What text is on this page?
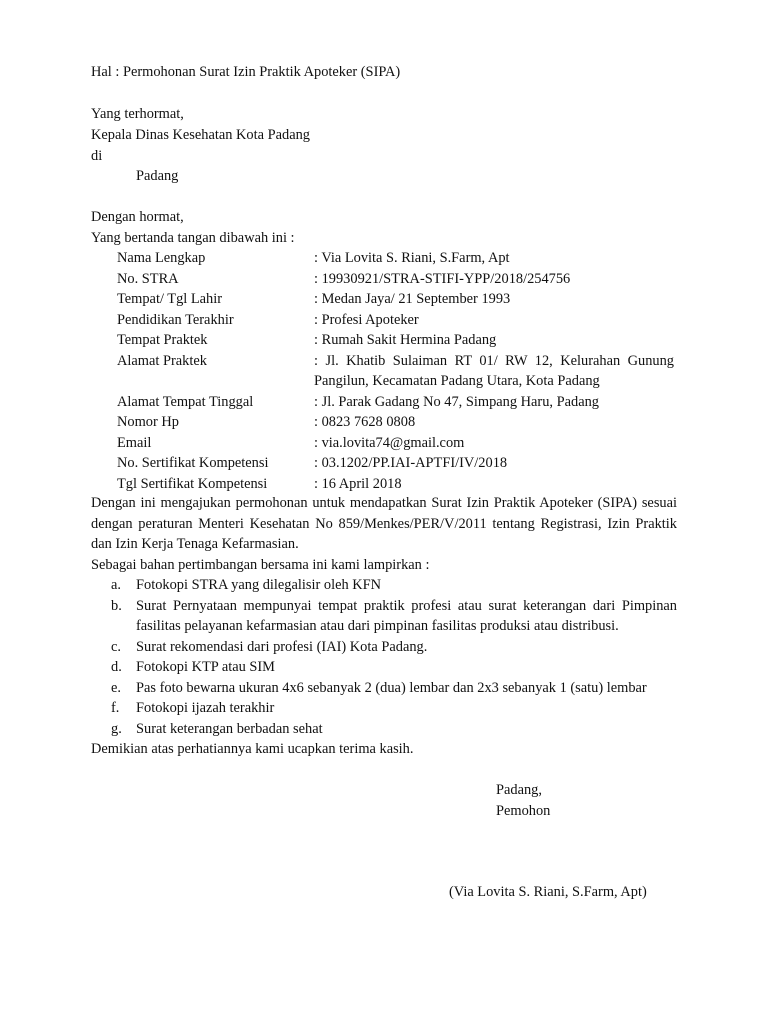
Hal : Permohonan Surat Izin Praktik Apoteker (SIPA)
Yang terhormat,
Kepala Dinas Kesehatan Kota Padang
di
Padang
Dengan hormat,
Yang bertanda tangan dibawah ini :
Nama Lengkap	: Via Lovita S. Riani, S.Farm, Apt
No. STRA	: 19930921/STRA-STIFI-YPP/2018/254756
Tempat/ Tgl Lahir	: Medan Jaya/ 21 September 1993
Pendidikan Terakhir	: Profesi Apoteker
Tempat Praktek	: Rumah Sakit Hermina Padang
Alamat Praktek	: Jl. Khatib Sulaiman RT 01/ RW 12, Kelurahan Gunung Pangilun, Kecamatan Padang Utara, Kota Padang
Alamat Tempat Tinggal	: Jl. Parak Gadang No 47, Simpang Haru, Padang
Nomor Hp	: 0823 7628 0808
Email	: via.lovita74@gmail.com
No. Sertifikat Kompetensi	: 03.1202/PP.IAI-APTFI/IV/2018
Tgl Sertifikat Kompetensi	: 16 April 2018
Dengan ini mengajukan permohonan untuk mendapatkan Surat Izin Praktik Apoteker (SIPA) sesuai dengan peraturan Menteri Kesehatan No 859/Menkes/PER/V/2011 tentang Registrasi, Izin Praktik dan Izin Kerja Tenaga Kefarmasian.
Sebagai bahan pertimbangan bersama ini kami lampirkan :
a.	Fotokopi STRA yang dilegalisir oleh KFN
b. Surat Pernyataan mempunyai tempat praktik profesi atau surat keterangan dari Pimpinan fasilitas pelayanan kefarmasian atau dari pimpinan fasilitas produksi atau distribusi.
c.	Surat rekomendasi dari profesi (IAI) Kota Padang.
d. Fotokopi KTP atau SIM
e.	Pas foto bewarna ukuran 4x6 sebanyak 2 (dua) lembar dan 2x3 sebanyak 1 (satu) lembar
f.	Fotokopi ijazah terakhir
g. Surat keterangan berbadan sehat
Demikian atas perhatiannya kami ucapkan terima kasih.
Padang,
Pemohon
(Via Lovita S. Riani, S.Farm, Apt)
